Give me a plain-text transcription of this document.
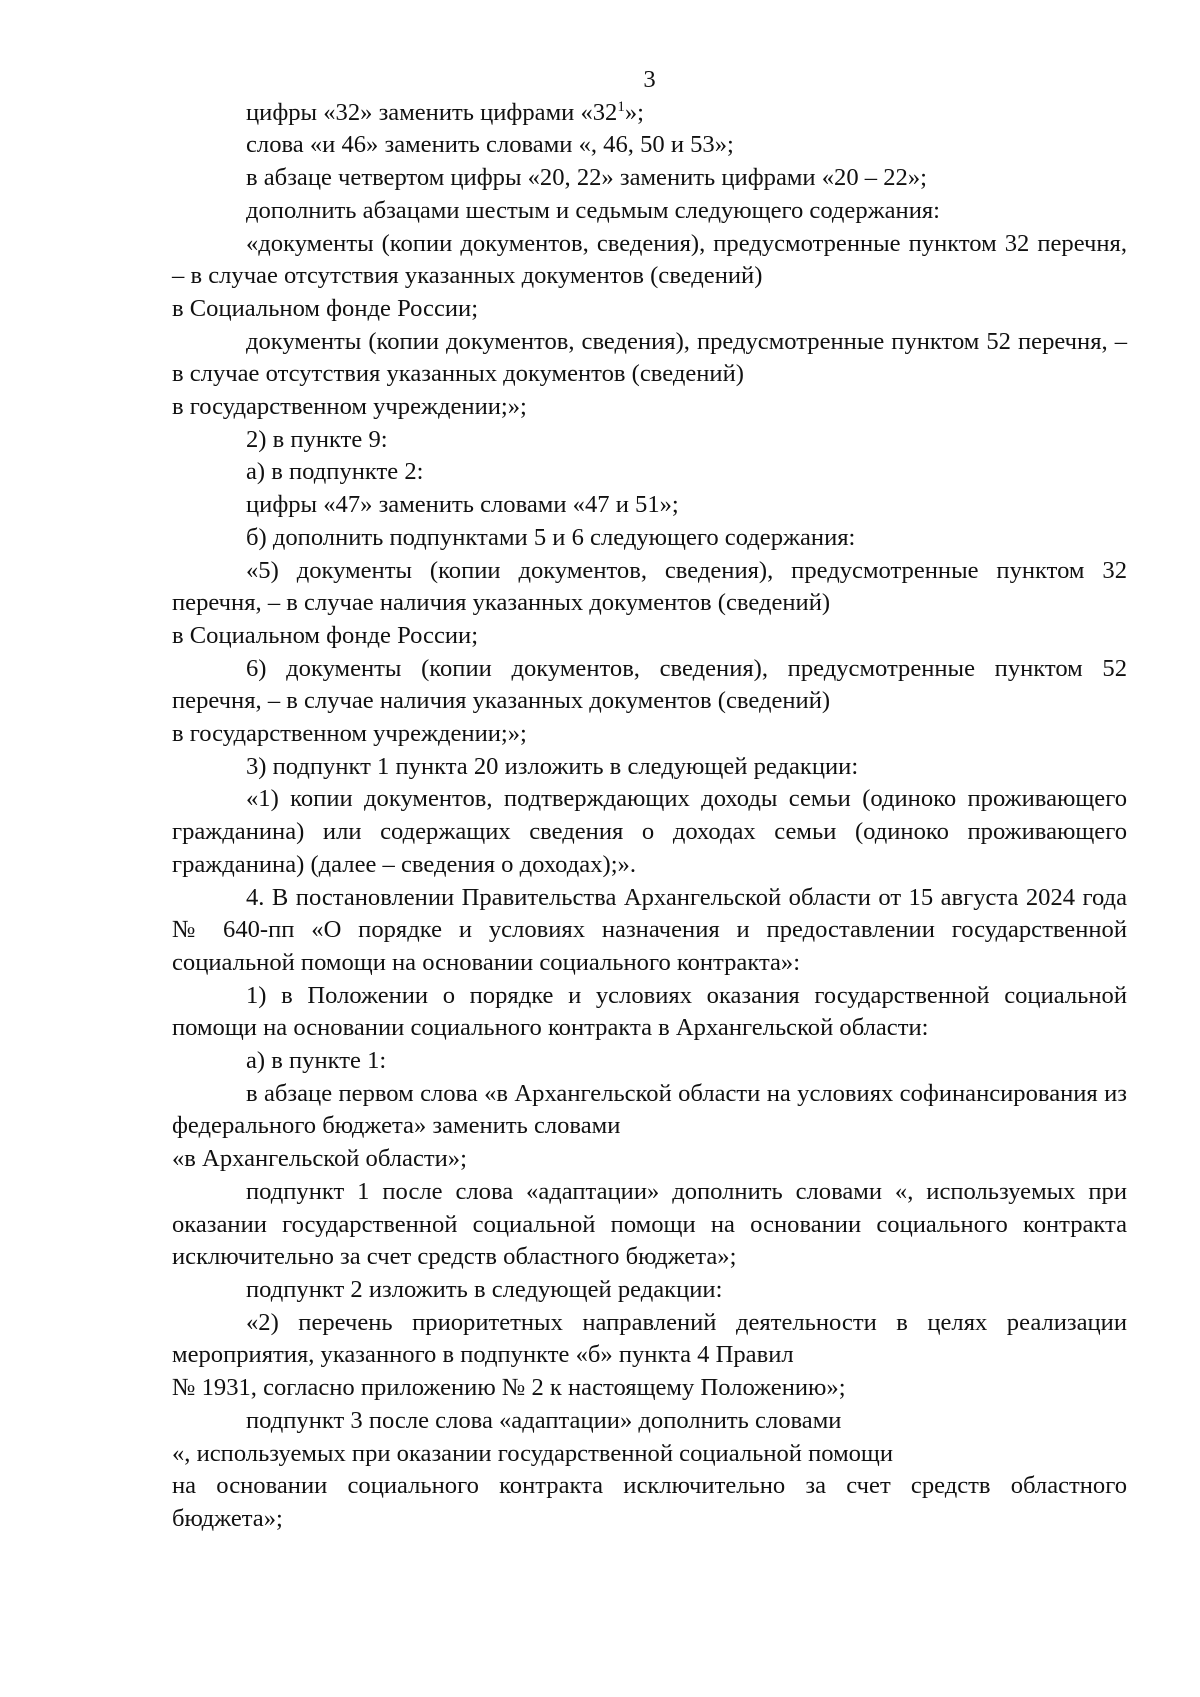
3

цифры «32» заменить цифрами «$32^1$»;

слова «и 46» заменить словами «, 46, 50 и 53»;

в абзаце четвертом цифры «20, 22» заменить цифрами «20 – 22»;

дополнить абзацами шестым и седьмым следующего содержания:

«документы (копии документов, сведения), предусмотренные пунктом 32 перечня, – в случае отсутствия указанных документов (сведений)
в Социальном фонде России;

документы (копии документов, сведения), предусмотренные пунктом 52 перечня, – в случае отсутствия указанных документов (сведений)
в государственном учреждении;»;

2) в пункте 9:

а) в подпункте 2:

цифры «47» заменить словами «47 и 51»;

б) дополнить подпунктами 5 и 6 следующего содержания:

«5) документы (копии документов, сведения), предусмотренные пунктом 32 перечня, – в случае наличия указанных документов (сведений)
в Социальном фонде России;

6) документы (копии документов, сведения), предусмотренные пунктом 52 перечня, – в случае наличия указанных документов (сведений)
в государственном учреждении;»;

3) подпункт 1 пункта 20 изложить в следующей редакции:

«1) копии документов, подтверждающих доходы семьи (одиноко проживающего гражданина) или содержащих сведения о доходах семьи (одиноко проживающего гражданина) (далее – сведения о доходах);».

4. В постановлении Правительства Архангельской области от 15 августа 2024 года № 640-пп «О порядке и условиях назначения и предоставлении государственной социальной помощи на основании социального контракта»:

1) в Положении о порядке и условиях оказания государственной социальной помощи на основании социального контракта в Архангельской области:

а) в пункте 1:

в абзаце первом слова «в Архангельской области на условиях софинансирования из федерального бюджета» заменить словами
«в Архангельской области»;

подпункт 1 после слова «адаптации» дополнить словами «, используемых при оказании государственной социальной помощи на основании социального контракта исключительно за счет средств областного бюджета»;

подпункт 2 изложить в следующей редакции:

«2) перечень приоритетных направлений деятельности в целях реализации мероприятия, указанного в подпункте «б» пункта 4 Правил
№ 1931, согласно приложению № 2 к настоящему Положению»;

подпункт 3 после слова «адаптации» дополнить словами
«, используемых при оказании государственной социальной помощи
на основании социального контракта исключительно за счет средств областного бюджета»;
